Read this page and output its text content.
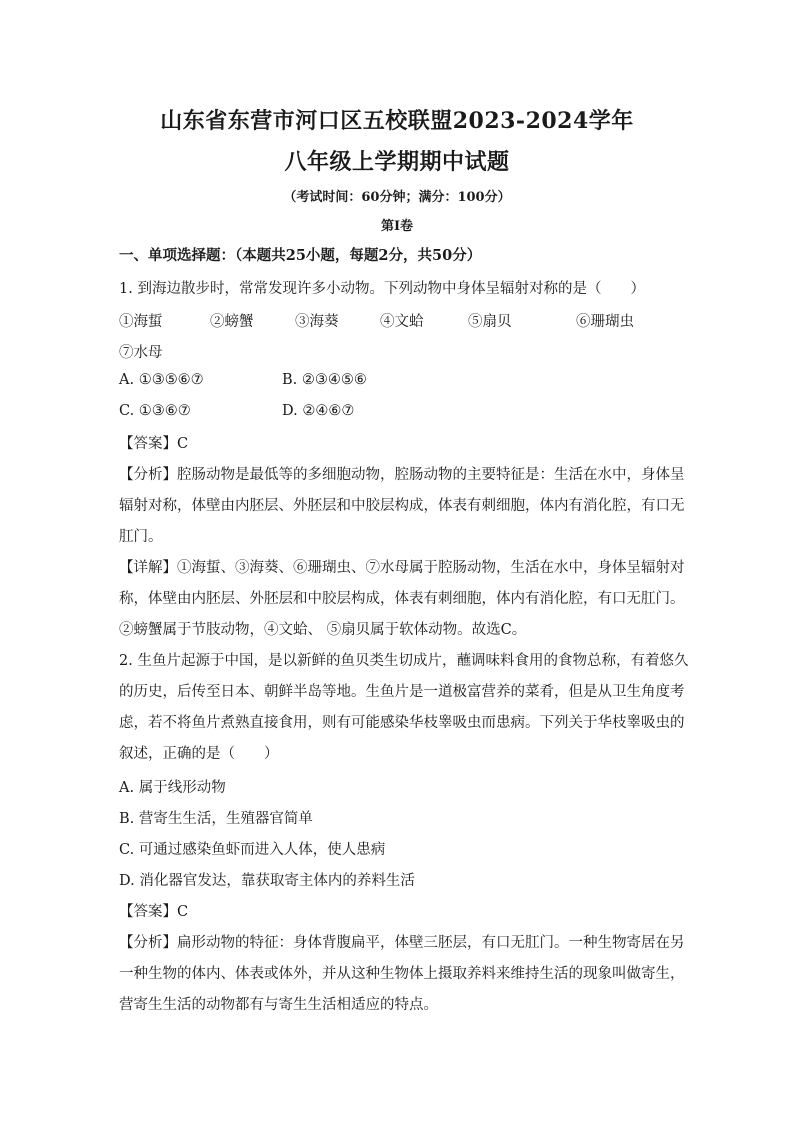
山东省东营市河口区五校联盟2023-2024学年
八年级上学期期中试题
（考试时间：60分钟；满分：100分）
第Ⅰ卷
一、单项选择题：（本题共25小题，每题2分，共50分）
1. 到海边散步时，常常发现许多小动物。下列动物中身体呈辐射对称的是（　　）
①海蜇	②螃蟹	③海葵	④文蛤	⑤扇贝	⑥珊瑚虫
⑦水母
A. ①③⑤⑥⑦	B. ②③④⑤⑥
C. ①③⑥⑦	D. ②④⑥⑦
【答案】C
【分析】腔肠动物是最低等的多细胞动物，腔肠动物的主要特征是：生活在水中，身体呈
辐射对称，体壁由内胚层、外胚层和中胶层构成，体表有刺细胞，体内有消化腔，有口无
肛门。
【详解】①海蜇、③海葵、⑥珊瑚虫、⑦水母属于腔肠动物，生活在水中，身体呈辐射对
称，体壁由内胚层、外胚层和中胶层构成，体表有刺细胞，体内有消化腔，有口无肛门。
②螃蟹属于节肢动物，④文蛤、 ⑤扇贝属于软体动物。故选C。
2. 生鱼片起源于中国，是以新鲜的鱼贝类生切成片，蘸调味料食用的食物总称，有着悠久
的历史，后传至日本、朝鲜半岛等地。生鱼片是一道极富营养的菜肴，但是从卫生角度考
虑，若不将鱼片煮熟直接食用，则有可能感染华枝睾吸虫而患病。下列关于华枝睾吸虫的
叙述，正确的是（　　）
A. 属于线形动物
B. 营寄生生活，生殖器官简单
C. 可通过感染鱼虾而进入人体，使人患病
D. 消化器官发达，靠获取寄主体内的养料生活
【答案】C
【分析】扁形动物的特征：身体背腹扁平，体壁三胚层，有口无肛门。一种生物寄居在另
一种生物的体内、体表或体外，并从这种生物体上摄取养料来维持生活的现象叫做寄生，
营寄生生活的动物都有与寄生生活相适应的特点。
